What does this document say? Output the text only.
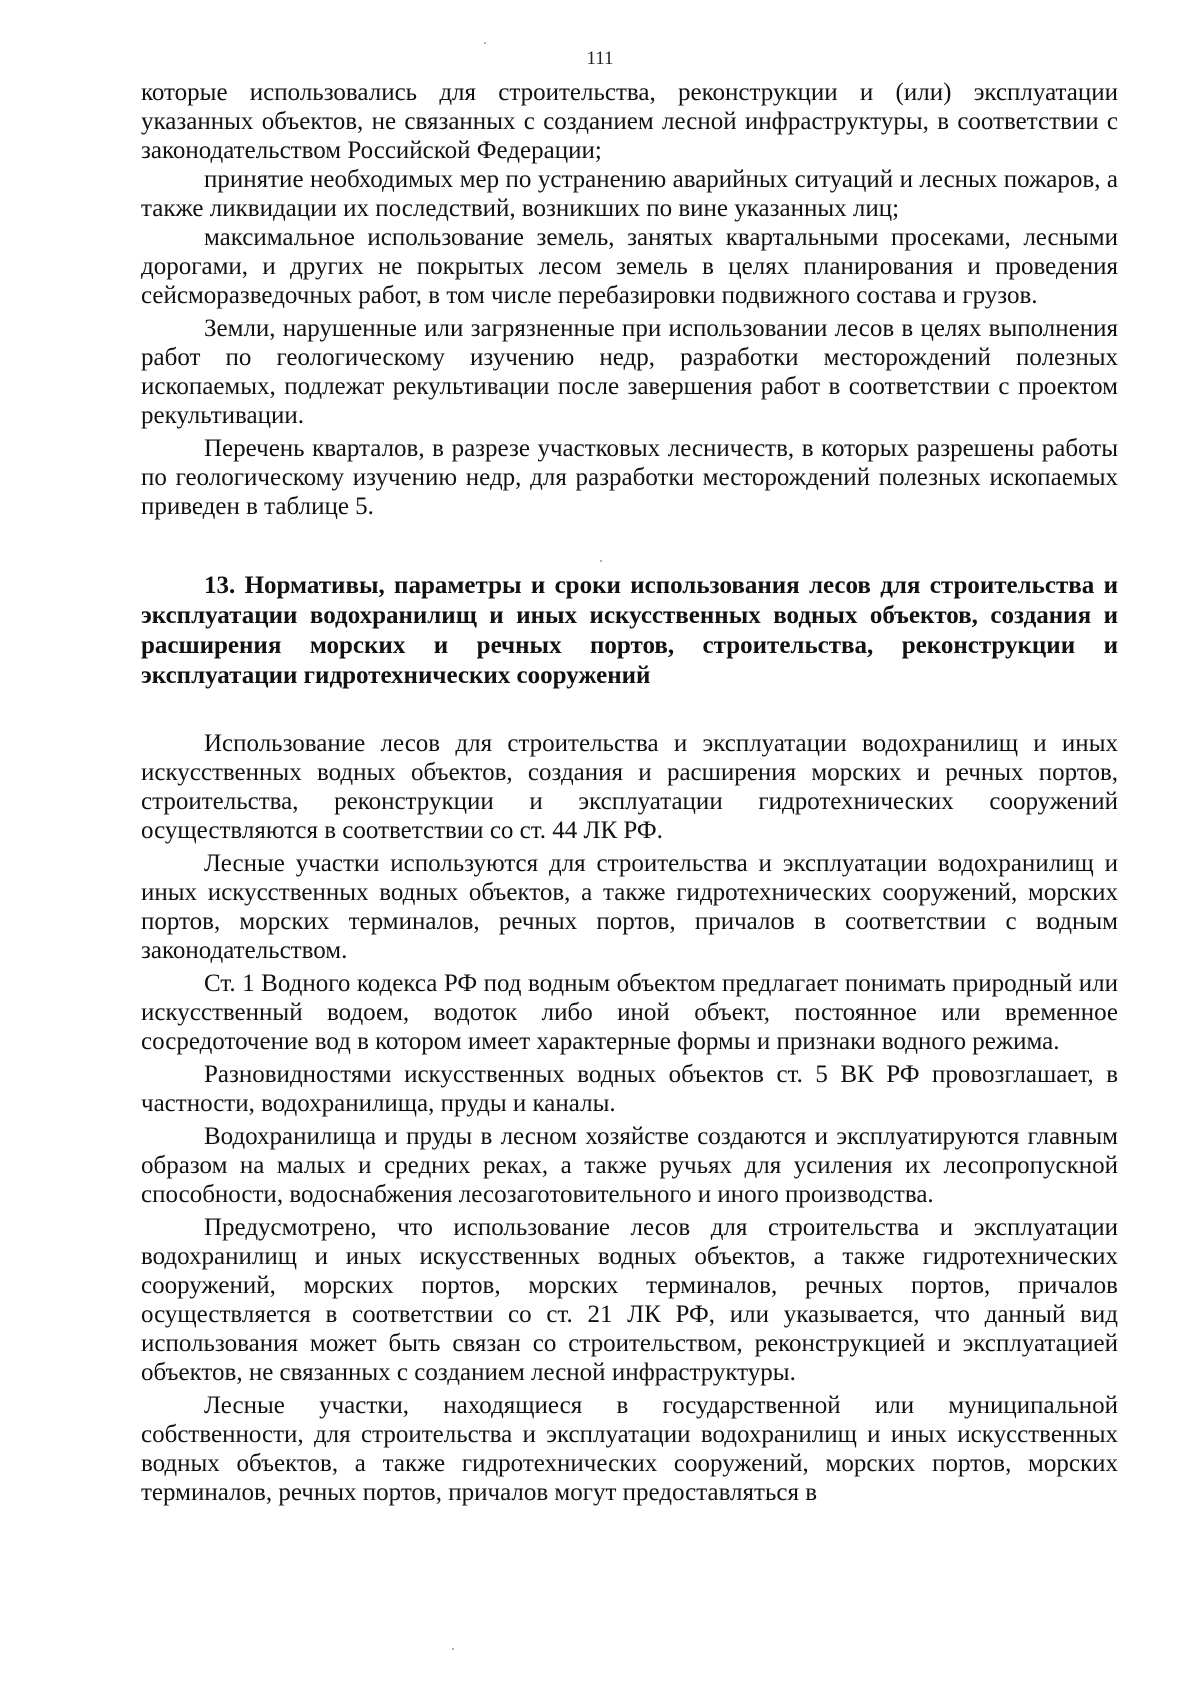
111

которые использовались для строительства, реконструкции и (или) эксплуатации указанных объектов, не связанных с созданием лесной инфраструктуры, в соответствии с законодательством Российской Федерации;

принятие необходимых мер по устранению аварийных ситуаций и лесных пожаров, а также ликвидации их последствий, возникших по вине указанных лиц;

максимальное использование земель, занятых квартальными просеками, лесными дорогами, и других не покрытых лесом земель в целях планирования и проведения сейсморазведочных работ, в том числе перебазировки подвижного состава и грузов.

Земли, нарушенные или загрязненные при использовании лесов в целях выполнения работ по геологическому изучению недр, разработки месторождений полезных ископаемых, подлежат рекультивации после завершения работ в соответствии с проектом рекультивации.

Перечень кварталов, в разрезе участковых лесничеств, в которых разрешены работы по геологическому изучению недр, для разработки месторождений полезных ископаемых приведен в таблице 5.

13. Нормативы, параметры и сроки использования лесов для строительства и эксплуатации водохранилищ и иных искусственных водных объектов, создания и расширения морских и речных портов, строительства, реконструкции и эксплуатации гидротехнических сооружений

Использование лесов для строительства и эксплуатации водохранилищ и иных искусственных водных объектов, создания и расширения морских и речных портов, строительства, реконструкции и эксплуатации гидротехнических сооружений осуществляются в соответствии со ст. 44 ЛК РФ.

Лесные участки используются для строительства и эксплуатации водохранилищ и иных искусственных водных объектов, а также гидротехнических сооружений, морских портов, морских терминалов, речных портов, причалов в соответствии с водным законодательством.

Ст. 1 Водного кодекса РФ под водным объектом предлагает понимать природный или искусственный водоем, водоток либо иной объект, постоянное или временное сосредоточение вод в котором имеет характерные формы и признаки водного режима.

Разновидностями искусственных водных объектов ст. 5 ВК РФ провозглашает, в частности, водохранилища, пруды и каналы.

Водохранилища и пруды в лесном хозяйстве создаются и эксплуатируются главным образом на малых и средних реках, а также ручьях для усиления их лесопропускной способности, водоснабжения лесозаготовительного и иного производства.

Предусмотрено, что использование лесов для строительства и эксплуатации водохранилищ и иных искусственных водных объектов, а также гидротехнических сооружений, морских портов, морских терминалов, речных портов, причалов осуществляется в соответствии со ст. 21 ЛК РФ, или указывается, что данный вид использования может быть связан со строительством, реконструкцией и эксплуатацией объектов, не связанных с созданием лесной инфраструктуры.

Лесные участки, находящиеся в государственной или муниципальной собственности, для строительства и эксплуатации водохранилищ и иных искусственных водных объектов, а также гидротехнических сооружений, морских портов, морских терминалов, речных портов, причалов могут предоставляться в
